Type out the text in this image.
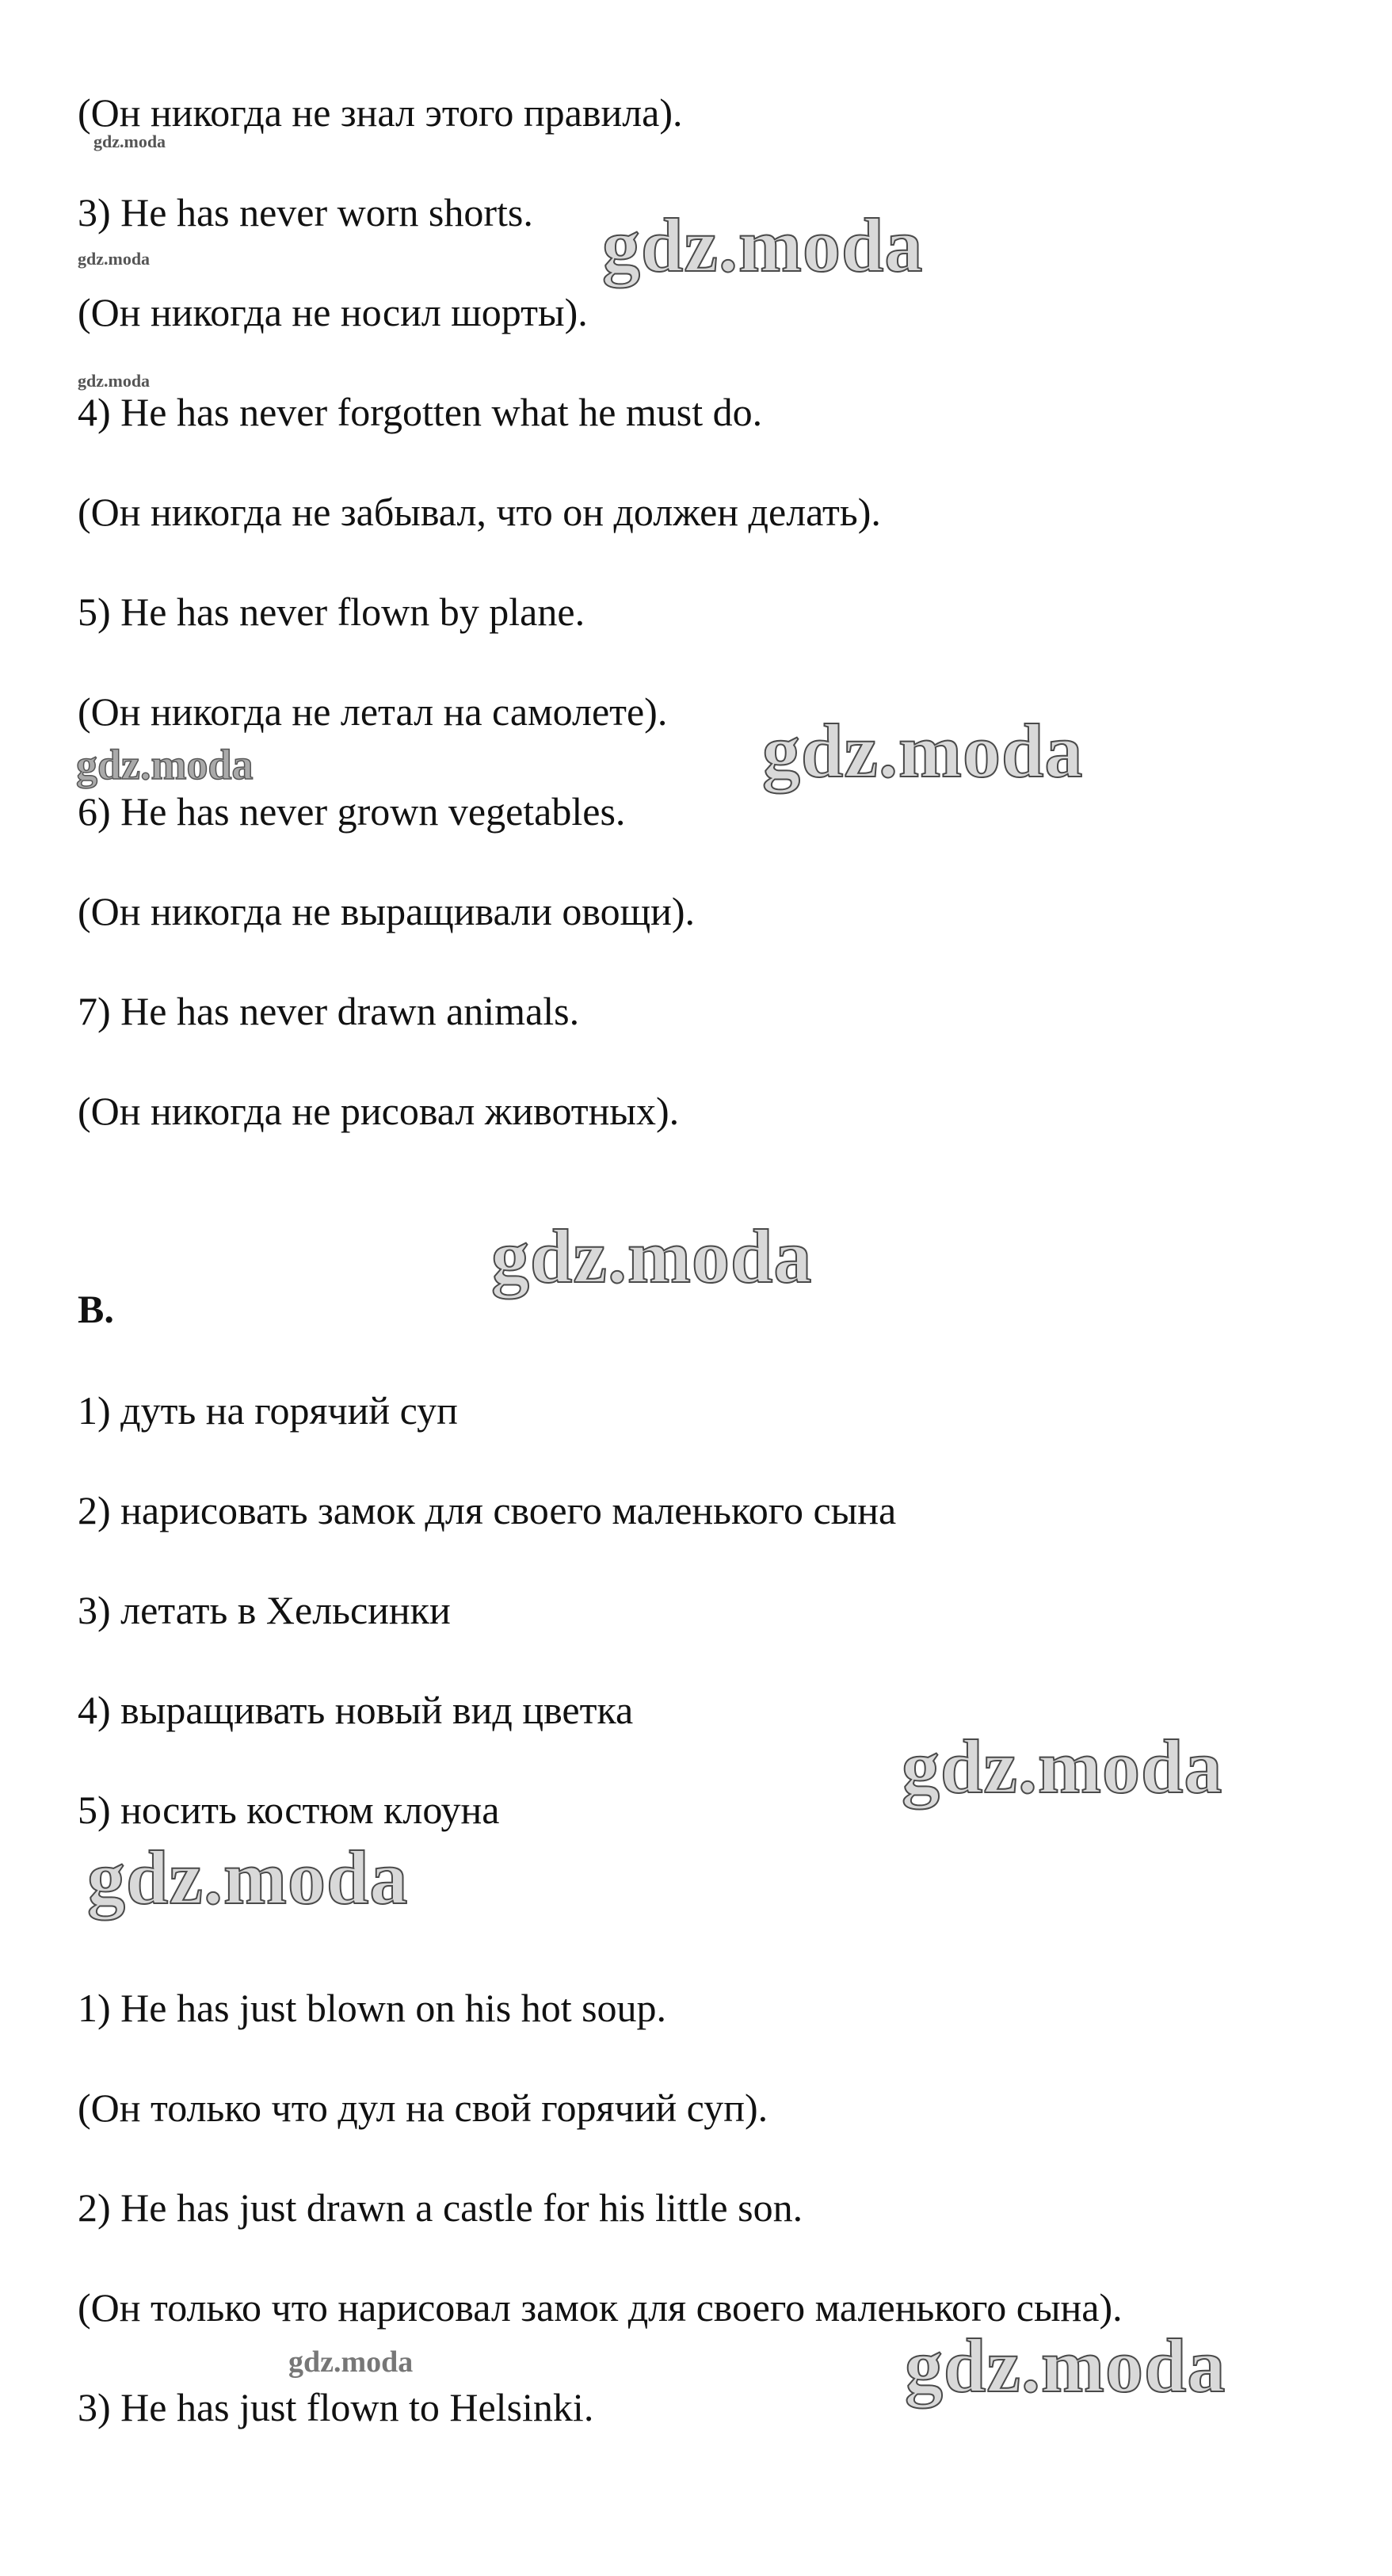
(Он никогда не знал этого правила).
3) He has never worn shorts.
(Он никогда не носил шорты).
4) He has never forgotten what he must do.
(Он никогда не забывал, что он должен делать).
5) He has never flown by plane.
(Он никогда не летал на самолете).
6) He has never grown vegetables.
(Он никогда не выращивали овощи).
7) He has never drawn animals.
(Он никогда не рисовал животных).
B.
1) дуть на горячий суп
2) нарисовать замок для своего маленького сына
3) летать в Хельсинки
4) выращивать новый вид цветка
5) носить костюм клоуна
1) He has just blown on his hot soup.
(Он только что дул на свой горячий суп).
2) He has just drawn a castle for his little son.
(Он только что нарисовал замок для своего маленького сына).
3) He has just flown to Helsinki.
gdz.moda
gdz.moda
gdz.moda
gdz.moda
gdz.moda	gdz.moda
gdz.moda
gdz.moda
gdz.moda
gdz.moda	gdz.moda
